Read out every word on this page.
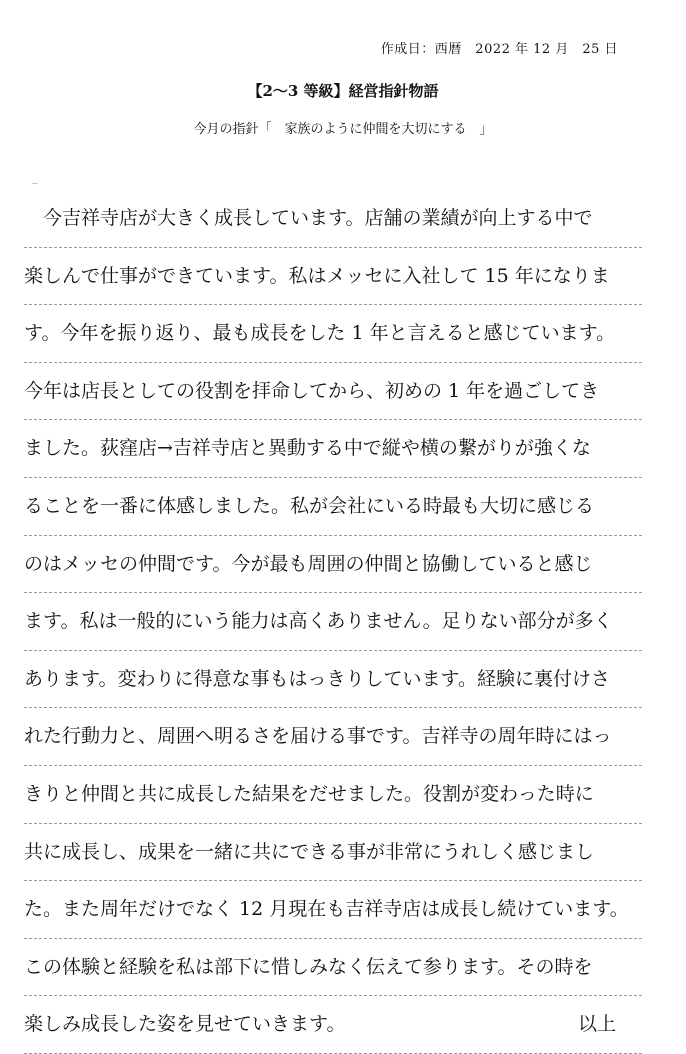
作成日：西暦　2022 年 12 月　25 日
【2～3 等級】経営指針物語
今月の指針「　家族のように仲間を大切にする　」
　今吉祥寺店が大きく成長しています。店舗の業績が向上する中で
楽しんで仕事ができています。私はメッセに入社して 15 年になりま
す。今年を振り返り、最も成長をした 1 年と言えると感じています。
今年は店長としての役割を拝命してから、初めの 1 年を過ごしてき
ました。荻窪店→吉祥寺店と異動する中で縦や横の繋がりが強くな
ることを一番に体感しました。私が会社にいる時最も大切に感じる
のはメッセの仲間です。今が最も周囲の仲間と協働していると感じ
ます。私は一般的にいう能力は高くありません。足りない部分が多く
あります。変わりに得意な事もはっきりしています。経験に裏付けさ
れた行動力と、周囲へ明るさを届ける事です。吉祥寺の周年時にはっ
きりと仲間と共に成長した結果をだせました。役割が変わった時に
共に成長し、成果を一緒に共にできる事が非常にうれしく感じまし
た。また周年だけでなく 12 月現在も吉祥寺店は成長し続けています。
この体験と経験を私は部下に惜しみなく伝えて参ります。その時を
楽しみ成長した姿を見せていきます。	以上
